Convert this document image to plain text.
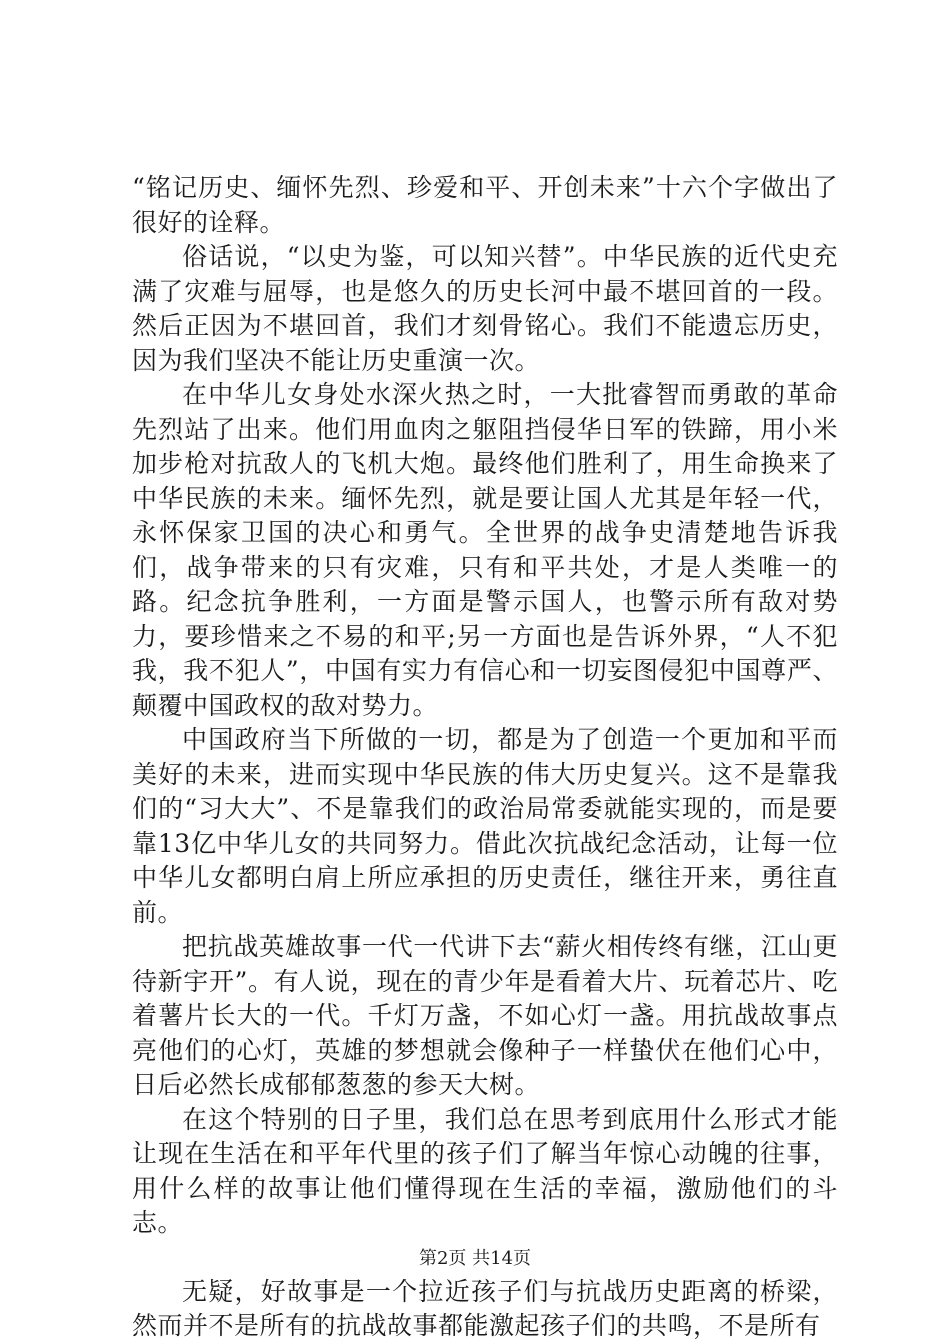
“铭记历史、缅怀先烈、珍爱和平、开创未来”十六个字做出了很好的诠释。

俗话说，“以史为鉴，可以知兴替”。中华民族的近代史充满了灾难与屈辱，也是悠久的历史长河中最不堪回首的一段。然后正因为不堪回首，我们才刻骨铭心。我们不能遗忘历史，因为我们坚决不能让历史重演一次。

在中华儿女身处水深火热之时，一大批睿智而勇敢的革命先烈站了出来。他们用血肉之躯阻挡侵华日军的铁蹄，用小米加步枪对抗敌人的飞机大炮。最终他们胜利了，用生命换来了中华民族的未来。缅怀先烈，就是要让国人尤其是年轻一代，永怀保家卫国的决心和勇气。全世界的战争史清楚地告诉我们，战争带来的只有灾难，只有和平共处，才是人类唯一的路。纪念抗争胜利，一方面是警示国人，也警示所有敌对势力，要珍惜来之不易的和平;另一方面也是告诉外界，“人不犯我，我不犯人”，中国有实力有信心和一切妄图侵犯中国尊严、颠覆中国政权的敌对势力。

中国政府当下所做的一切，都是为了创造一个更加和平而美好的未来，进而实现中华民族的伟大历史复兴。这不是靠我们的“习大大”、不是靠我们的政治局常委就能实现的，而是要靠13亿中华儿女的共同努力。借此次抗战纪念活动，让每一位中华儿女都明白肩上所应承担的历史责任，继往开来，勇往直前。

把抗战英雄故事一代一代讲下去“薪火相传终有继，江山更待新宇开”。有人说，现在的青少年是看着大片、玩着芯片、吃着薯片长大的一代。千灯万盏，不如心灯一盏。用抗战故事点亮他们的心灯，英雄的梦想就会像种子一样蛰伏在他们心中，日后必然长成郁郁葱葱的参天大树。

在这个特别的日子里，我们总在思考到底用什么形式才能让现在生活在和平年代里的孩子们了解当年惊心动魄的往事，用什么样的故事让他们懂得现在生活的幸福，激励他们的斗志。

无疑，好故事是一个拉近孩子们与抗战历史距离的桥梁，然而并不是所有的抗战故事都能激起孩子们的共鸣，不是所有

第2页 共14页
